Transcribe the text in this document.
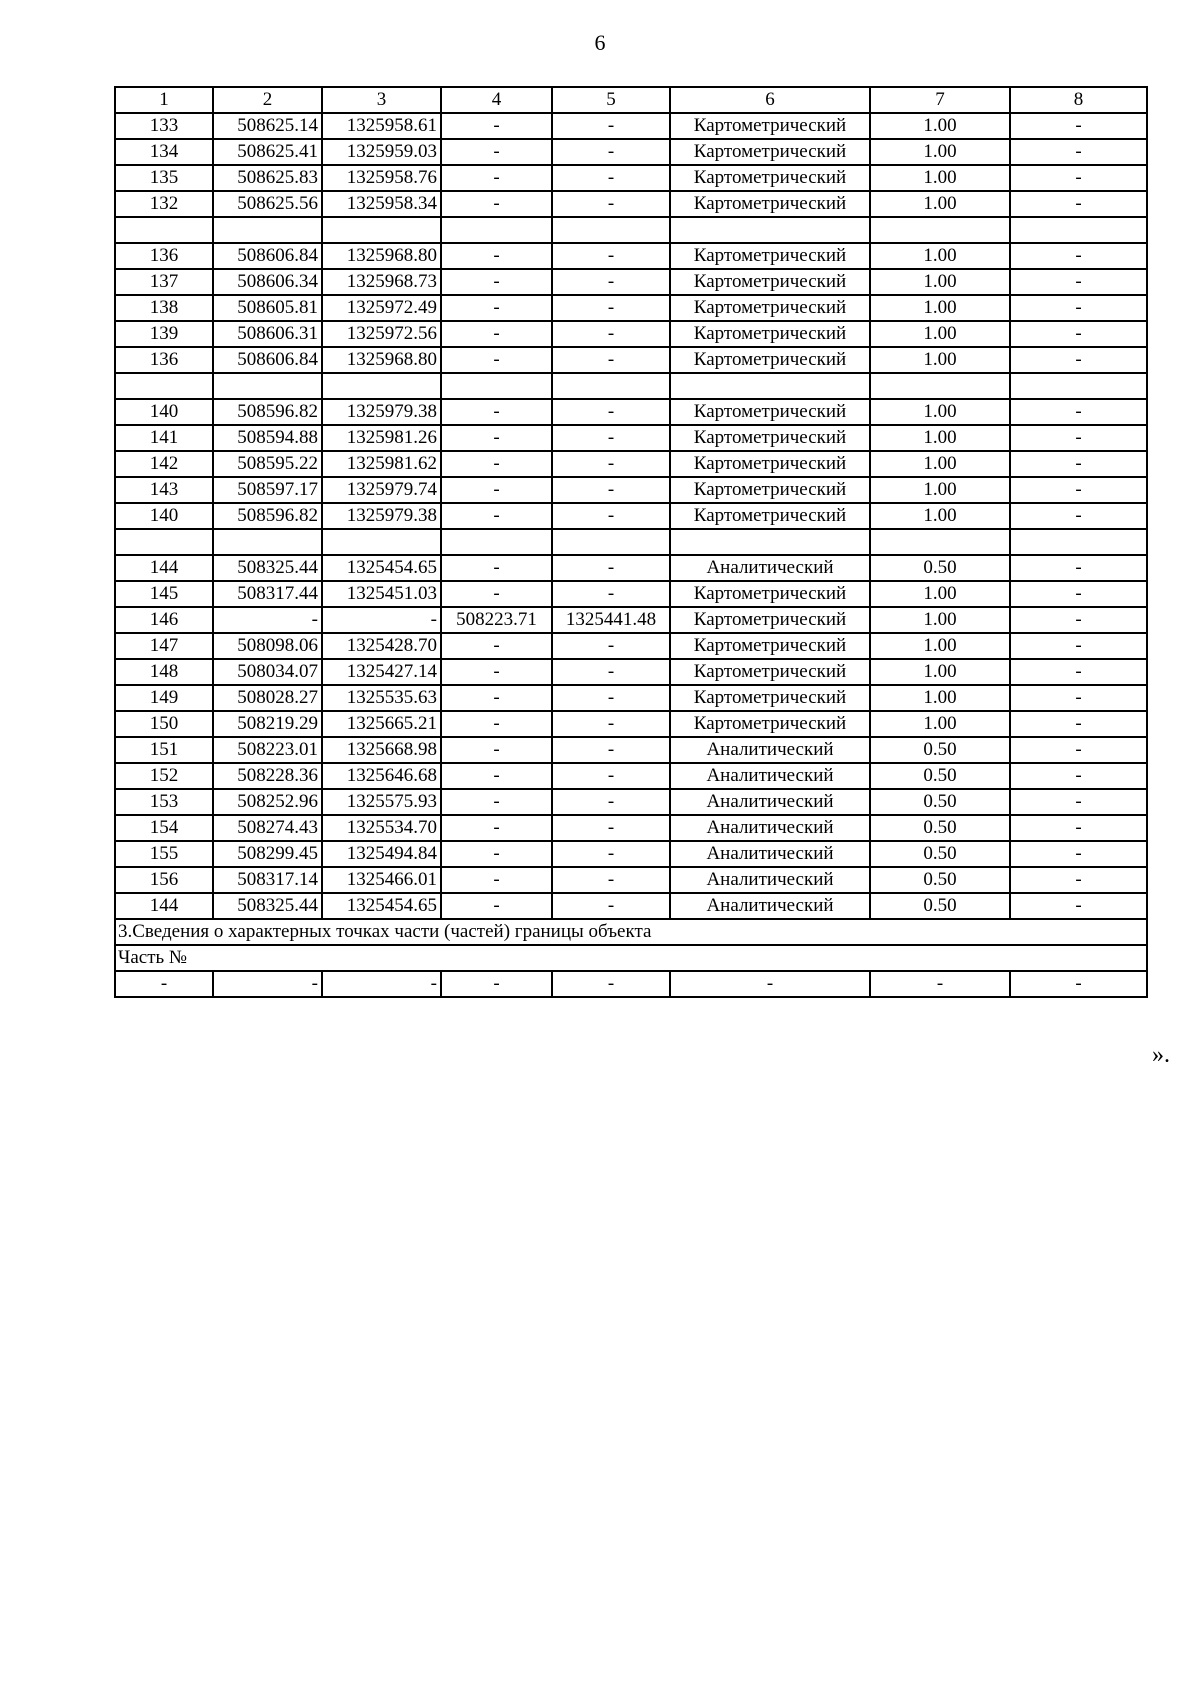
6
1	2	3	4	5	6	7	8
133	508625.14	1325958.61	-	-	Картометрический	1.00	-
134	508625.41	1325959.03	-	-	Картометрический	1.00	-
135	508625.83	1325958.76	-	-	Картометрический	1.00	-
132	508625.56	1325958.34	-	-	Картометрический	1.00	-

136	508606.84	1325968.80	-	-	Картометрический	1.00	-
137	508606.34	1325968.73	-	-	Картометрический	1.00	-
138	508605.81	1325972.49	-	-	Картометрический	1.00	-
139	508606.31	1325972.56	-	-	Картометрический	1.00	-
136	508606.84	1325968.80	-	-	Картометрический	1.00	-

140	508596.82	1325979.38	-	-	Картометрический	1.00	-
141	508594.88	1325981.26	-	-	Картометрический	1.00	-
142	508595.22	1325981.62	-	-	Картометрический	1.00	-
143	508597.17	1325979.74	-	-	Картометрический	1.00	-
140	508596.82	1325979.38	-	-	Картометрический	1.00	-

144	508325.44	1325454.65	-	-	Аналитический	0.50	-
145	508317.44	1325451.03	-	-	Картометрический	1.00	-
146	-	-	508223.71	1325441.48	Картометрический	1.00	-
147	508098.06	1325428.70	-	-	Картометрический	1.00	-
148	508034.07	1325427.14	-	-	Картометрический	1.00	-
149	508028.27	1325535.63	-	-	Картометрический	1.00	-
150	508219.29	1325665.21	-	-	Картометрический	1.00	-
151	508223.01	1325668.98	-	-	Аналитический	0.50	-
152	508228.36	1325646.68	-	-	Аналитический	0.50	-
153	508252.96	1325575.93	-	-	Аналитический	0.50	-
154	508274.43	1325534.70	-	-	Аналитический	0.50	-
155	508299.45	1325494.84	-	-	Аналитический	0.50	-
156	508317.14	1325466.01	-	-	Аналитический	0.50	-
144	508325.44	1325454.65	-	-	Аналитический	0.50	-
3.Сведения о характерных точках части (частей) границы объекта							
Часть №							
-	-	-	-	-	-	-	-
».
